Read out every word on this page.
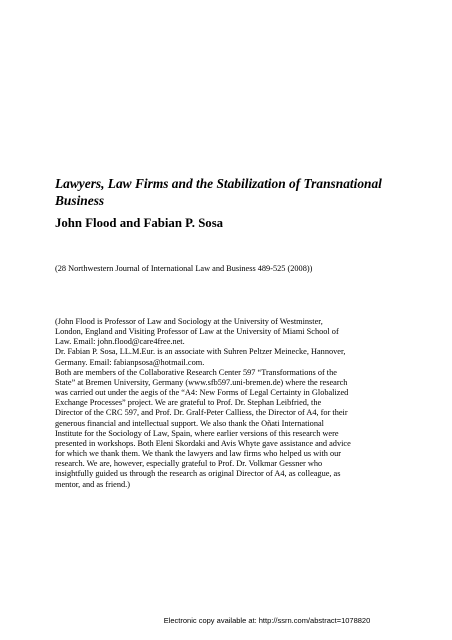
Lawyers, Law Firms and the Stabilization of Transnational Business

John Flood and Fabian P. Sosa

(28 Northwestern Journal of International Law and Business 489-525 (2008))

(John Flood is Professor of Law and Sociology at the University of Westminster,
London, England and Visiting Professor of Law at the University of Miami School of
Law. Email: john.flood@care4free.net.
Dr. Fabian P. Sosa, LL.M.Eur. is an associate with Suhren Peltzer Meinecke, Hannover,
Germany. Email: fabianpsosa@hotmail.com.
Both are members of the Collaborative Research Center 597 “Transformations of the
State” at Bremen University, Germany (www.sfb597.uni-bremen.de) where the research
was carried out under the aegis of the “A4: New Forms of Legal Certainty in Globalized
Exchange Processes” project. We are grateful to Prof. Dr. Stephan Leibfried, the
Director of the CRC 597, and Prof. Dr. Gralf-Peter Calliess, the Director of A4, for their
generous financial and intellectual support. We also thank the Oñati International
Institute for the Sociology of Law, Spain, where earlier versions of this research were
presented in workshops. Both Eleni Skordaki and Avis Whyte gave assistance and advice
for which we thank them. We thank the lawyers and law firms who helped us with our
research. We are, however, especially grateful to Prof. Dr. Volkmar Gessner who
insightfully guided us through the research as original Director of A4, as colleague, as
mentor, and as friend.)

Electronic copy available at: http://ssrn.com/abstract=1078820
